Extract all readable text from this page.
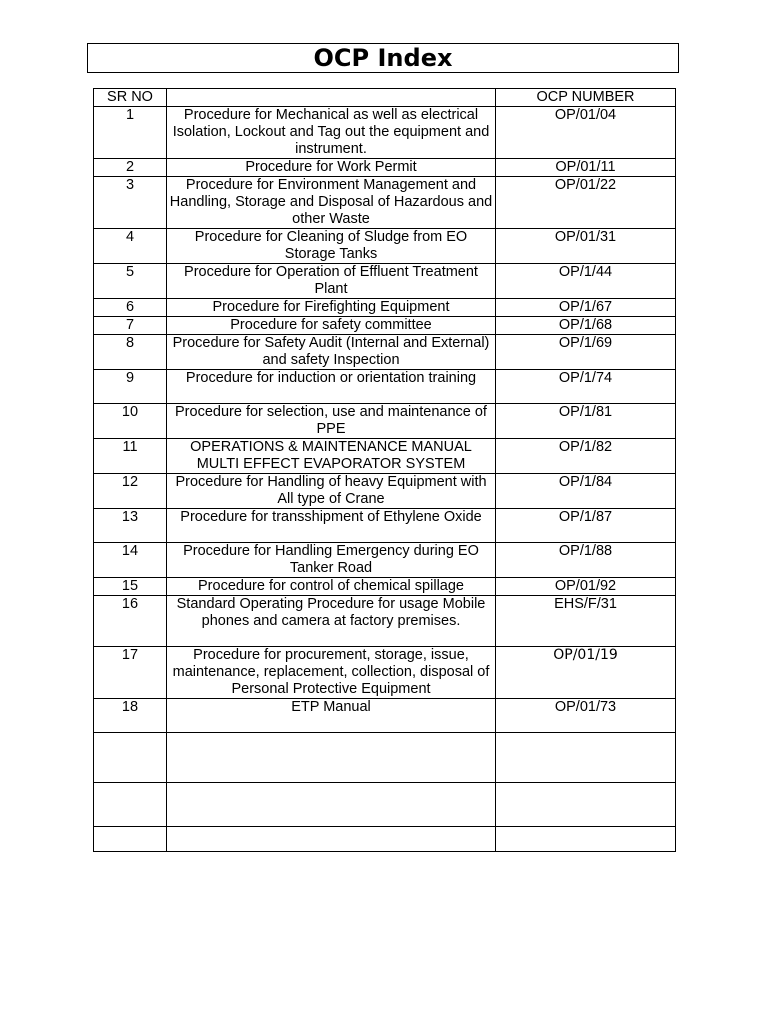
OCP Index
SR NO		OCP NUMBER
1	Procedure for Mechanical as well as electrical Isolation, Lockout and Tag out the equipment and instrument.	OP/01/04
2	Procedure for Work Permit	OP/01/11
3	Procedure for Environment Management and Handling, Storage and Disposal of Hazardous and other Waste	OP/01/22
4	Procedure for Cleaning of Sludge from EO Storage Tanks	OP/01/31
5	Procedure for Operation of Effluent Treatment Plant	OP/1/44
6	Procedure for Firefighting Equipment	OP/1/67
7	Procedure for safety committee	OP/1/68
8	Procedure for Safety Audit (Internal and External) and safety Inspection	OP/1/69
9	Procedure for induction or orientation training	OP/1/74
10	Procedure for selection, use and maintenance of PPE	OP/1/81
11	OPERATIONS & MAINTENANCE MANUAL MULTI EFFECT EVAPORATOR SYSTEM	OP/1/82
12	Procedure for Handling of heavy Equipment with All type of Crane	OP/1/84
13	Procedure for transshipment of Ethylene Oxide	OP/1/87
14	Procedure for Handling Emergency during EO Tanker Road	OP/1/88
15	Procedure for control of chemical spillage	OP/01/92
16	Standard Operating Procedure for usage Mobile phones and camera at factory premises.	EHS/F/31
17	Procedure for procurement, storage, issue, maintenance, replacement, collection, disposal of Personal Protective Equipment	OP/01/19
18	ETP Manual	OP/01/73
